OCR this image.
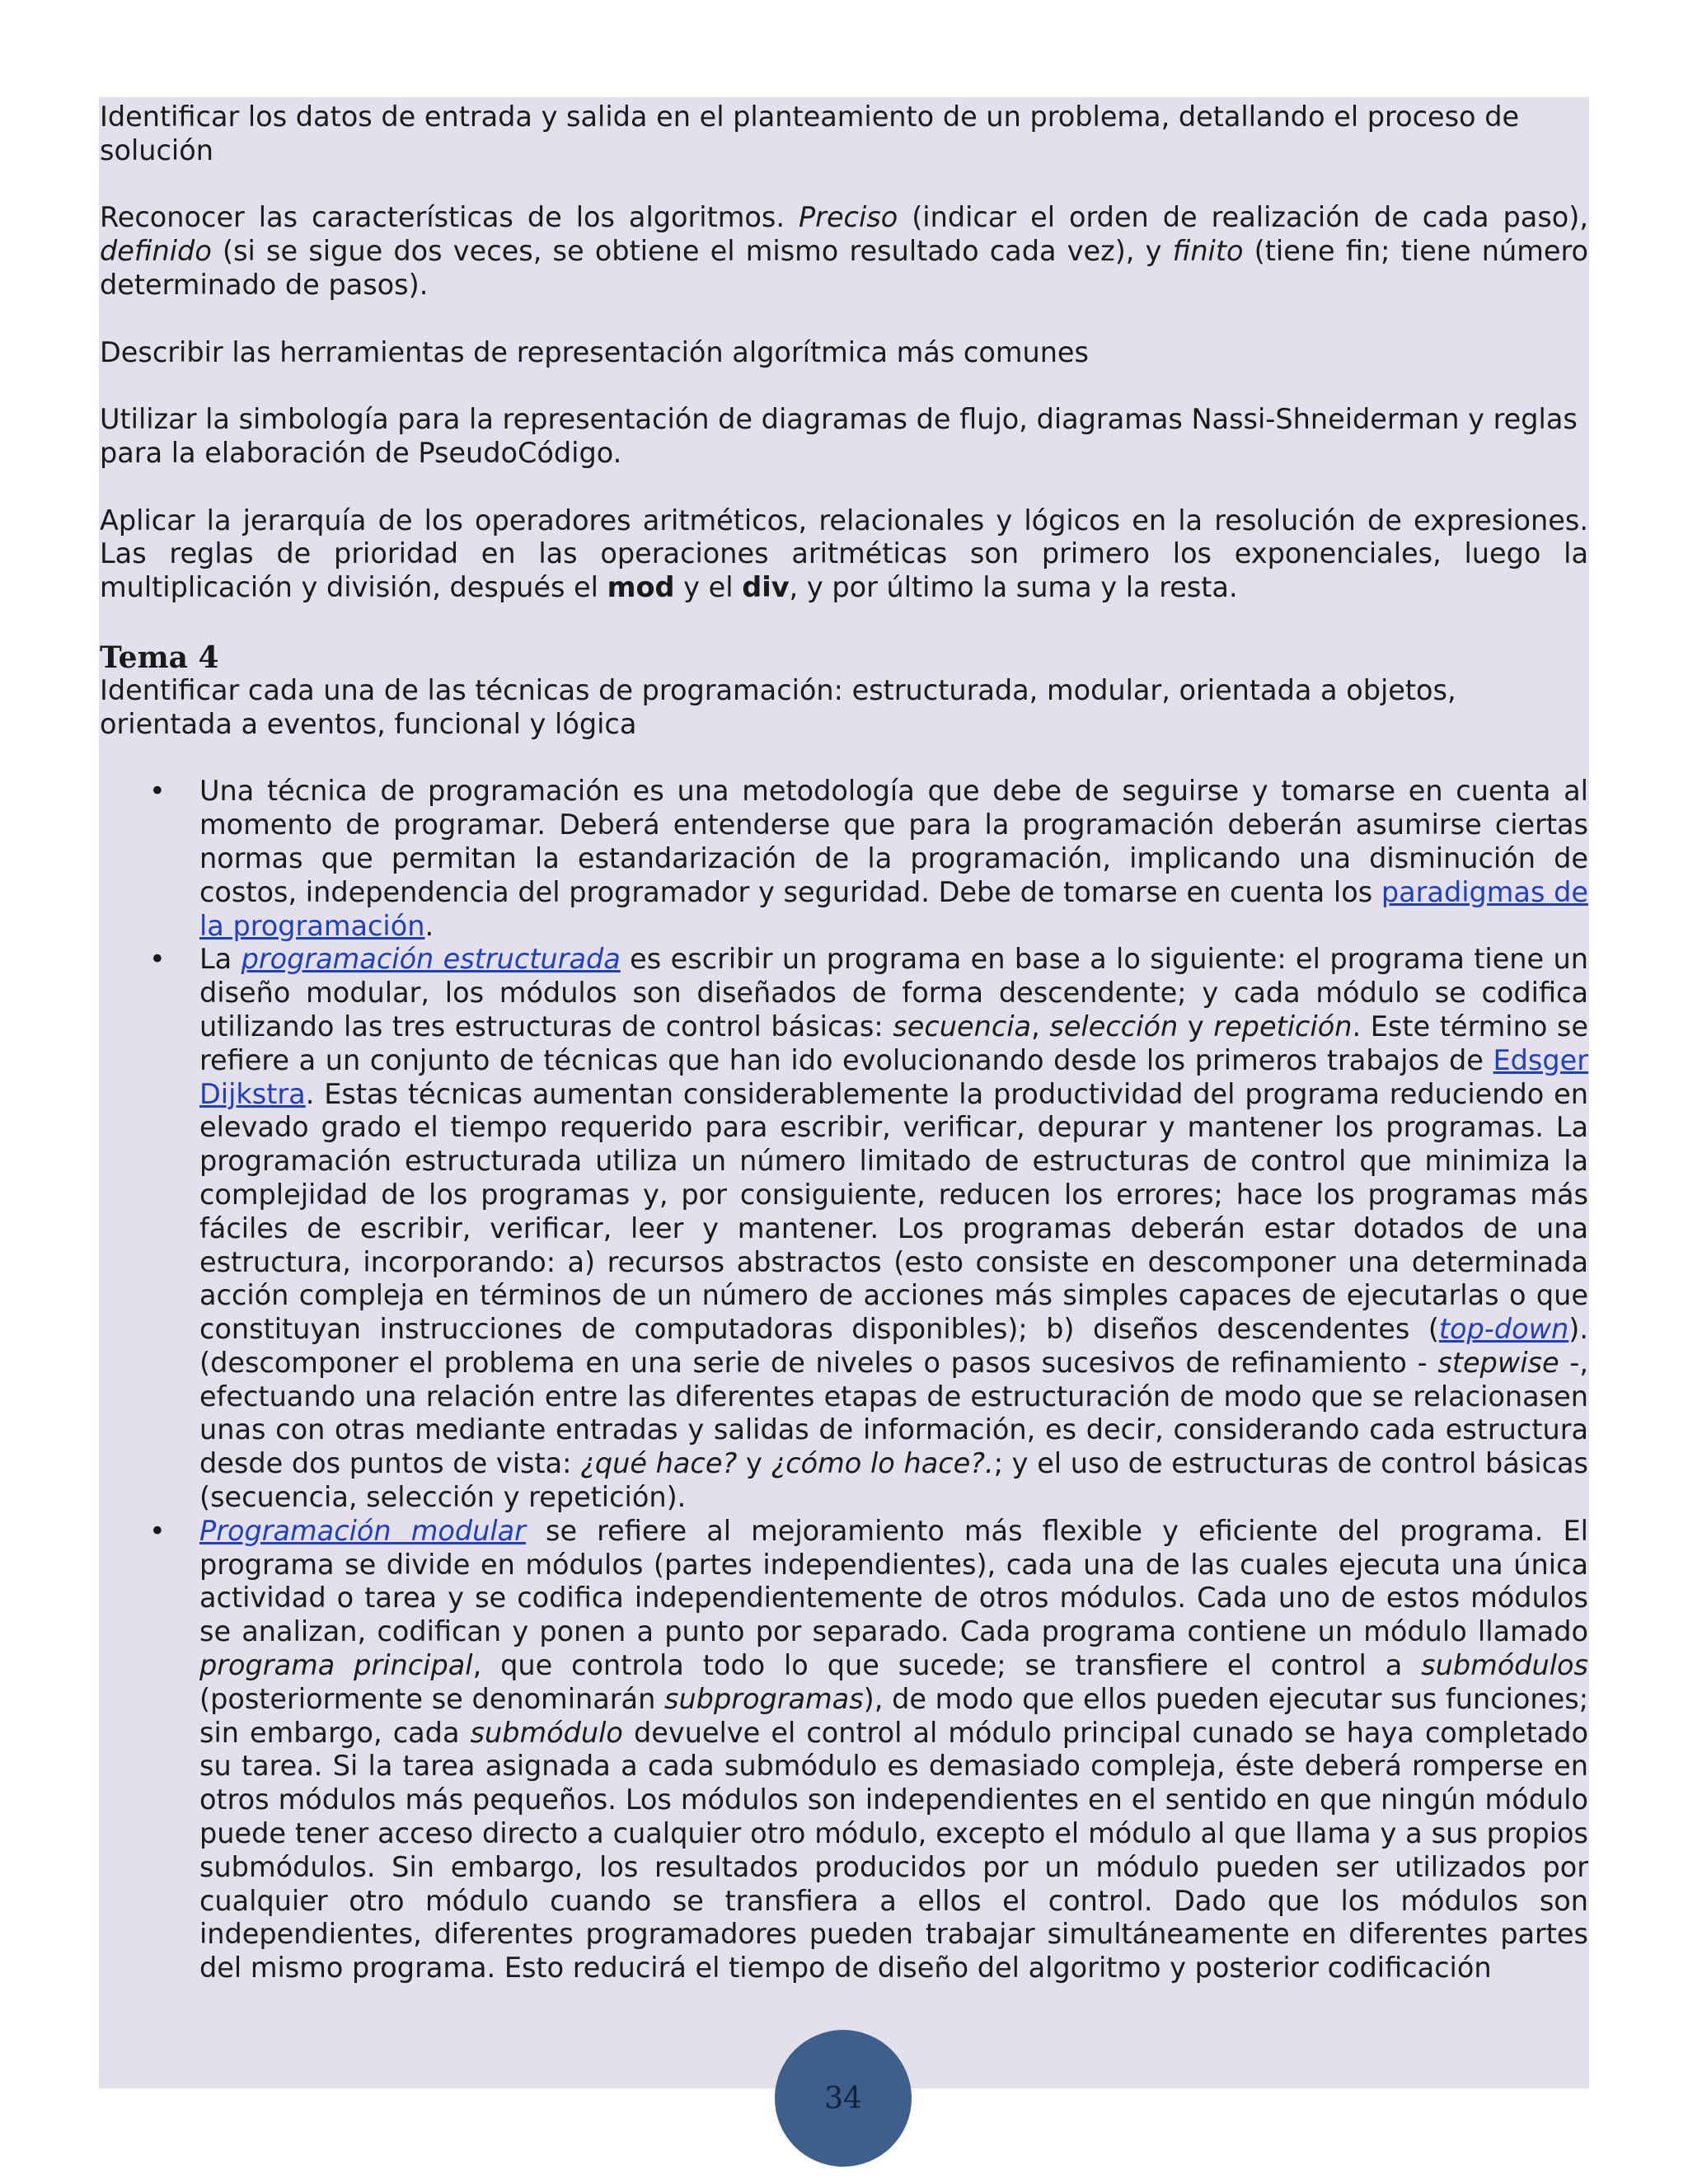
Identificar los datos de entrada y salida en el planteamiento de un problema, detallando el proceso de solución

Reconocer las características de los algoritmos. Preciso (indicar el orden de realización de cada paso), definido (si se sigue dos veces, se obtiene el mismo resultado cada vez), y finito (tiene fin; tiene número determinado de pasos).

Describir las herramientas de representación algorítmica más comunes

Utilizar la simbología para la representación de diagramas de flujo, diagramas Nassi-Shneiderman y reglas para la elaboración de PseudoCódigo.

Aplicar la jerarquía de los operadores aritméticos, relacionales y lógicos en la resolución de expresiones. Las reglas de prioridad en las operaciones aritméticas son primero los exponenciales, luego la multiplicación y división, después el mod y el div, y por último la suma y la resta.

Tema 4

Identificar cada una de las técnicas de programación: estructurada, modular, orientada a objetos, orientada a eventos, funcional y lógica

• Una técnica de programación es una metodología que debe de seguirse y tomarse en cuenta al momento de programar. Deberá entenderse que para la programación deberán asumirse ciertas normas que permitan la estandarización de la programación, implicando una disminución de costos, independencia del programador y seguridad. Debe de tomarse en cuenta los paradigmas de la programación.
• La programación estructurada es escribir un programa en base a lo siguiente: el programa tiene un diseño modular, los módulos son diseñados de forma descendente; y cada módulo se codifica utilizando las tres estructuras de control básicas: secuencia, selección y repetición. Este término se refiere a un conjunto de técnicas que han ido evolucionando desde los primeros trabajos de Edsger Dijkstra. Estas técnicas aumentan considerablemente la productividad del programa reduciendo en elevado grado el tiempo requerido para escribir, verificar, depurar y mantener los programas. La programación estructurada utiliza un número limitado de estructuras de control que minimiza la complejidad de los programas y, por consiguiente, reducen los errores; hace los programas más fáciles de escribir, verificar, leer y mantener. Los programas deberán estar dotados de una estructura, incorporando: a) recursos abstractos (esto consiste en descomponer una determinada acción compleja en términos de un número de acciones más simples capaces de ejecutarlas o que constituyan instrucciones de computadoras disponibles); b) diseños descendentes (top-down). (descomponer el problema en una serie de niveles o pasos sucesivos de refinamiento - stepwise -, efectuando una relación entre las diferentes etapas de estructuración de modo que se relacionasen unas con otras mediante entradas y salidas de información, es decir, considerando cada estructura desde dos puntos de vista: ¿qué hace? y ¿cómo lo hace?.; y el uso de estructuras de control básicas (secuencia, selección y repetición).
• Programación modular se refiere al mejoramiento más flexible y eficiente del programa. El programa se divide en módulos (partes independientes), cada una de las cuales ejecuta una única actividad o tarea y se codifica independientemente de otros módulos. Cada uno de estos módulos se analizan, codifican y ponen a punto por separado. Cada programa contiene un módulo llamado programa principal, que controla todo lo que sucede; se transfiere el control a submódulos (posteriormente se denominarán subprogramas), de modo que ellos pueden ejecutar sus funciones; sin embargo, cada submódulo devuelve el control al módulo principal cunado se haya completado su tarea. Si la tarea asignada a cada submódulo es demasiado compleja, éste deberá romperse en otros módulos más pequeños. Los módulos son independientes en el sentido en que ningún módulo puede tener acceso directo a cualquier otro módulo, excepto el módulo al que llama y a sus propios submódulos. Sin embargo, los resultados producidos por un módulo pueden ser utilizados por cualquier otro módulo cuando se transfiera a ellos el control. Dado que los módulos son independientes, diferentes programadores pueden trabajar simultáneamente en diferentes partes del mismo programa. Esto reducirá el tiempo de diseño del algoritmo y posterior codificación
34
